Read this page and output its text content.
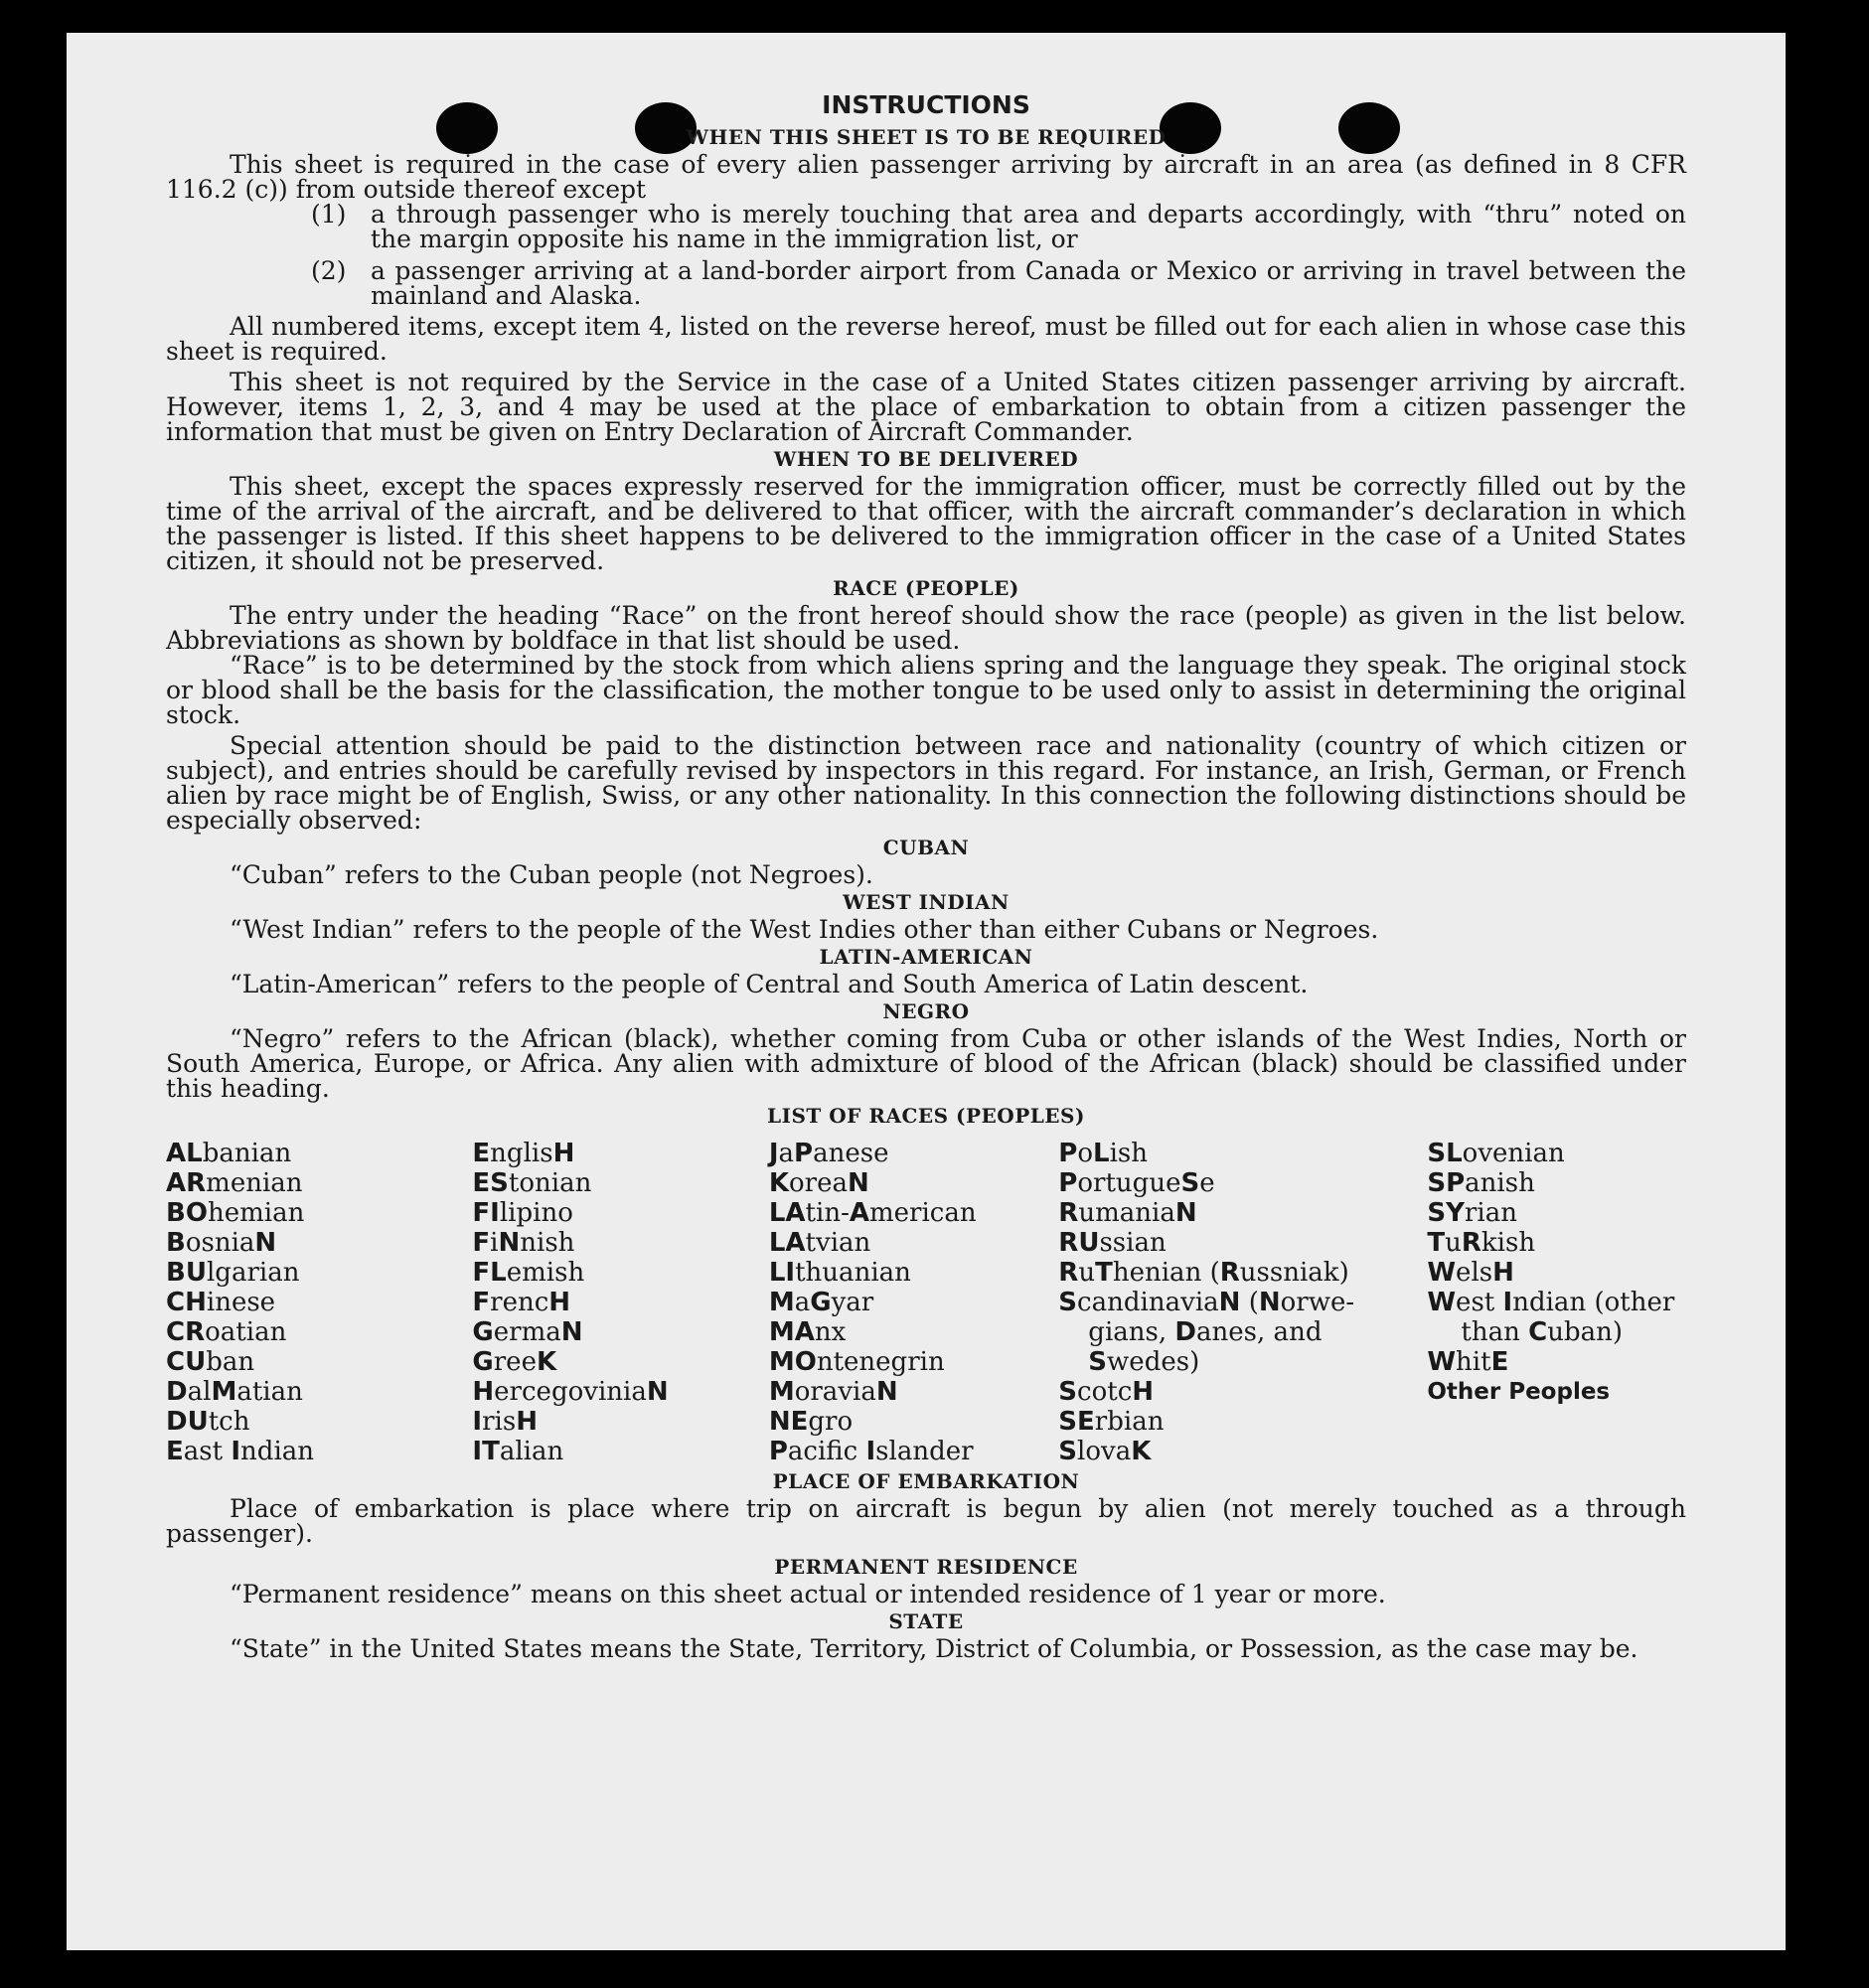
INSTRUCTIONS
WHEN THIS SHEET IS TO BE REQUIRED

This sheet is required in the case of every alien passenger arriving by aircraft in an area (as defined in 8 CFR 116.2 (c)) from outside thereof except

(1) a through passenger who is merely touching that area and departs accordingly, with “thru” noted on the margin opposite his name in the immigration list, or
(2) a passenger arriving at a land-border airport from Canada or Mexico or arriving in travel between the mainland and Alaska.

All numbered items, except item 4, listed on the reverse hereof, must be filled out for each alien in whose case this sheet is required.

This sheet is not required by the Service in the case of a United States citizen passenger arriving by aircraft. However, items 1, 2, 3, and 4 may be used at the place of embarkation to obtain from a citizen passenger the information that must be given on Entry Declaration of Aircraft Commander.

WHEN TO BE DELIVERED

This sheet, except the spaces expressly reserved for the immigration officer, must be correctly filled out by the time of the arrival of the aircraft, and be delivered to that officer, with the aircraft commander’s declaration in which the passenger is listed. If this sheet happens to be delivered to the immigration officer in the case of a United States citizen, it should not be preserved.

RACE (PEOPLE)

The entry under the heading “Race” on the front hereof should show the race (people) as given in the list below. Abbreviations as shown by boldface in that list should be used.

“Race” is to be determined by the stock from which aliens spring and the language they speak. The original stock or blood shall be the basis for the classification, the mother tongue to be used only to assist in determining the original stock.

Special attention should be paid to the distinction between race and nationality (country of which citizen or subject), and entries should be carefully revised by inspectors in this regard. For instance, an Irish, German, or French alien by race might be of English, Swiss, or any other nationality. In this connection the following distinctions should be especially observed:

CUBAN

“Cuban” refers to the Cuban people (not Negroes).

WEST INDIAN

“West Indian” refers to the people of the West Indies other than either Cubans or Negroes.

LATIN-AMERICAN

“Latin-American” refers to the people of Central and South America of Latin descent.

NEGRO

“Negro” refers to the African (black), whether coming from Cuba or other islands of the West Indies, North or South America, Europe, or Africa. Any alien with admixture of blood of the African (black) should be classified under this heading.

LIST OF RACES (PEOPLES)
ALbanian
ARmenian
BOhemian
BosniaN
BUlgarian
CHinese
CRoatian
CUban
DalMatian
DUtch
East Indian
EnglisH
EStonian
FIlipino
FiNnish
FLemish
FrencH
GermaN
GreeK
HercegoviniaN
IrisH
ITalian
JaPanese
KoreaN
LAtin-American
LAtvian
LIthuanian
MaGyar
MAnx
MOntenegrin
MoraviaN
NEgro
Pacifc Islander
PoLish
PortugueSe
RumaniaN
RUssian
RuThenian (Russniak)
ScandinaviaN (Norwe-
gians, Danes, and
Swedes)
ScotcH
SErbian
SlovaK
SLovenian
SPanish
SYrian
TuRkish
WelsH
West Indian (other
than Cuban)
WhitE
Other Peoples
PLACE OF EMBARKATION

Place of embarkation is place where trip on aircraft is begun by alien (not merely touched as a through passenger).

PERMANENT RESIDENCE

“Permanent residence” means on this sheet actual or intended residence of 1 year or more.

STATE

“State” in the United States means the State, Territory, District of Columbia, or Possession, as the case may be.
